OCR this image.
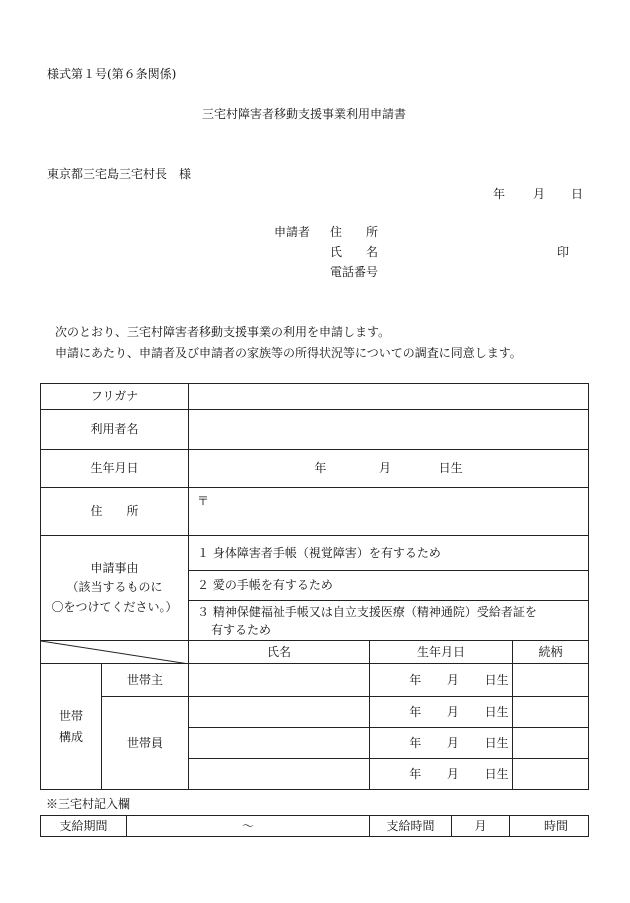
様式第１号(第６条関係)
三宅村障害者移動支援事業利用申請書
東京都三宅島三宅村長　様
年 月 日
申請者 住　　所
氏　　名	印
電話番号
次のとおり、三宅村障害者移動支援事業の利用を申請します。
申請にあたり、申請者及び申請者の家族等の所得状況等についての調査に同意します。
フリガナ				
利用者名				
生年月日		年 月 日生		
住　　所		〒		

申請事由
（該当するものに
〇をつけてください。）		１ 身体障害者手帳（視覚障害）を有するため		
		２ 愛の手帳を有するため		

		３ 精神保健福祉手帳又は自立支援医療（精神通院）受給者証を
有するため		

	氏名	生年月日	続柄

世帯
構成	世帯主		年 月 日生	
	世帯員		年 月 日生	
			年 月 日生	
			年 月 日生	
※三宅村記入欄
支給期間	～	支給時間	月	時間
